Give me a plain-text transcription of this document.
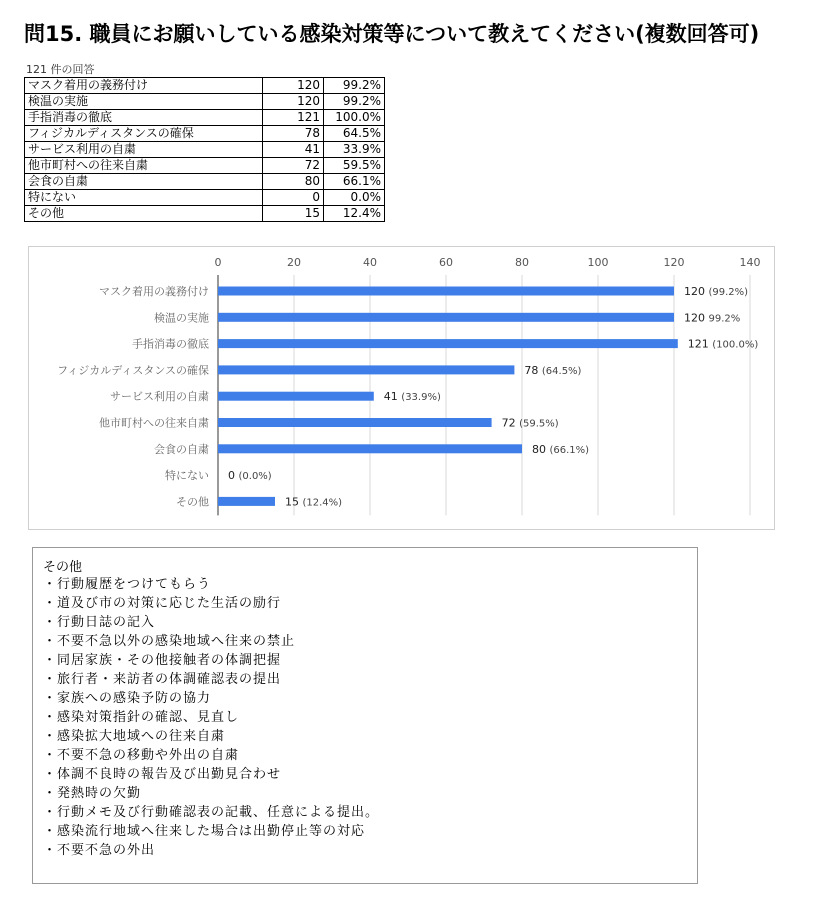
問15. 職員にお願いしている感染対策等について教えてください(複数回答可)
121 件の回答
マスク着用の義務付け	120	99.2%
検温の実施	120	99.2%
手指消毒の徹底	121	100.0%
フィジカルディスタンスの確保	78	64.5%
サービス利用の自粛	41	33.9%
他市町村への往来自粛	72	59.5%
会食の自粛	80	66.1%
特にない	0	0.0%
その他	15	12.4%
0	20	40	60	80	100	120	140
マスク着用の義務付け	120 (99.2%)
検温の実施	120 99.2%
手指消毒の徹底	121 (100.0%)
フィジカルディスタンスの確保	78 (64.5%)
サービス利用の自粛	41 (33.9%)
他市町村への往来自粛	72 (59.5%)
会食の自粛	80 (66.1%)
特にない 0 (0.0%)
その他	15 (12.4%)
その他
・行動履歴をつけてもらう
・道及び市の対策に応じた生活の励行
・行動日誌の記入
・不要不急以外の感染地域へ往来の禁止
・同居家族・その他接触者の体調把握
・旅行者・来訪者の体調確認表の提出
・家族への感染予防の協力
・感染対策指針の確認、見直し
・感染拡大地域への往来自粛
・不要不急の移動や外出の自粛
・体調不良時の報告及び出勤見合わせ
・発熱時の欠勤
・行動メモ及び行動確認表の記載、任意による提出。
・感染流行地域へ往来した場合は出勤停止等の対応
・不要不急の外出
